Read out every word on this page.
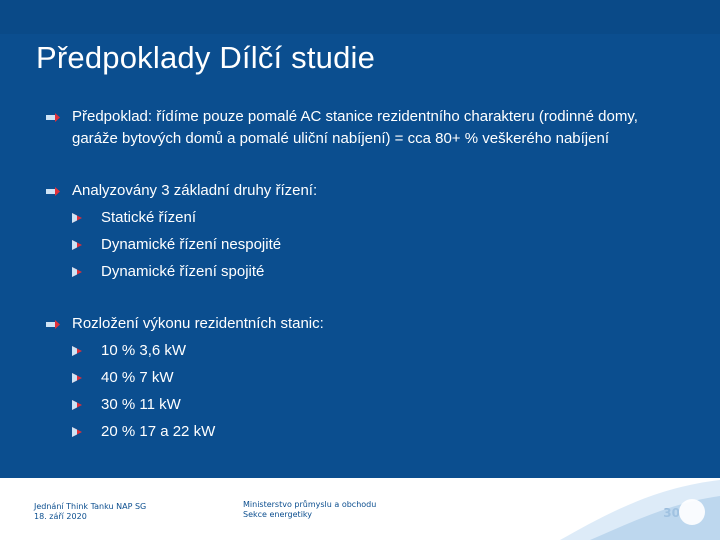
Předpoklady Dílčí studie
Předpoklad: řídíme pouze pomalé AC stanice rezidentního charakteru (rodinné domy,
garáže bytových domů a pomalé uliční nabíjení) = cca 80+ % veškerého nabíjení
Analyzovány 3 základní druhy řízení:
Statické řízení
Dynamické řízení nespojité
Dynamické řízení spojité
Rozložení výkonu rezidentních stanic:
10 % 3,6 kW
40 % 7 kW
30 % 11 kW
20 % 17 a 22 kW
Jednání Think Tanku NAP SG
18. září 2020
Ministerstvo průmyslu a obchodu
Sekce energetiky
